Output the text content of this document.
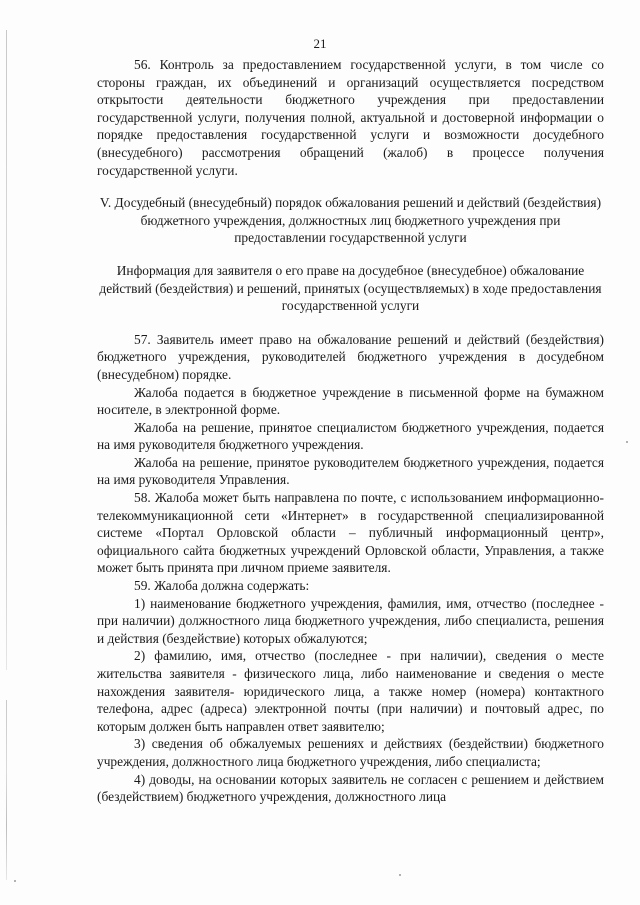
21

56. Контроль за предоставлением государственной услуги, в том числе со стороны граждан, их объединений и организаций осуществляется посредством открытости деятельности бюджетного учреждения при предоставлении государственной услуги, получения полной, актуальной и достоверной информации о порядке предоставления государственной услуги и возможности досудебного (внесудебного) рассмотрения обращений (жалоб) в процессе получения государственной услуги.

V. Досудебный (внесудебный) порядок обжалования решений и действий (бездействия) бюджетного учреждения, должностных лиц бюджетного учреждения при предоставлении государственной услуги

Информация для заявителя о его праве на досудебное (внесудебное) обжалование действий (бездействия) и решений, принятых (осуществляемых) в ходе предоставления государственной услуги

57. Заявитель имеет право на обжалование решений и действий (бездействия) бюджетного учреждения, руководителей бюджетного учреждения в досудебном (внесудебном) порядке.

Жалоба подается в бюджетное учреждение в письменной форме на бумажном носителе, в электронной форме.

Жалоба на решение, принятое специалистом бюджетного учреждения, подается на имя руководителя бюджетного учреждения.

Жалоба на решение, принятое руководителем бюджетного учреждения, подается на имя руководителя Управления.

58. Жалоба может быть направлена по почте, с использованием информационно-телекоммуникационной сети «Интернет» в государственной специализированной системе «Портал Орловской области – публичный информационный центр», официального сайта бюджетных учреждений Орловской области, Управления, а также может быть принята при личном приеме заявителя.

59. Жалоба должна содержать:

1) наименование бюджетного учреждения, фамилия, имя, отчество (последнее - при наличии) должностного лица бюджетного учреждения, либо специалиста, решения и действия (бездействие) которых обжалуются;

2) фамилию, имя, отчество (последнее - при наличии), сведения о месте жительства заявителя - физического лица, либо наименование и сведения о месте нахождения заявителя- юридического лица, а также номер (номера) контактного телефона, адрес (адреса) электронной почты (при наличии) и почтовый адрес, по которым должен быть направлен ответ заявителю;

3) сведения об обжалуемых решениях и действиях (бездействии) бюджетного учреждения, должностного лица бюджетного учреждения, либо специалиста;

4) доводы, на основании которых заявитель не согласен с решением и действием (бездействием) бюджетного учреждения, должностного лица
